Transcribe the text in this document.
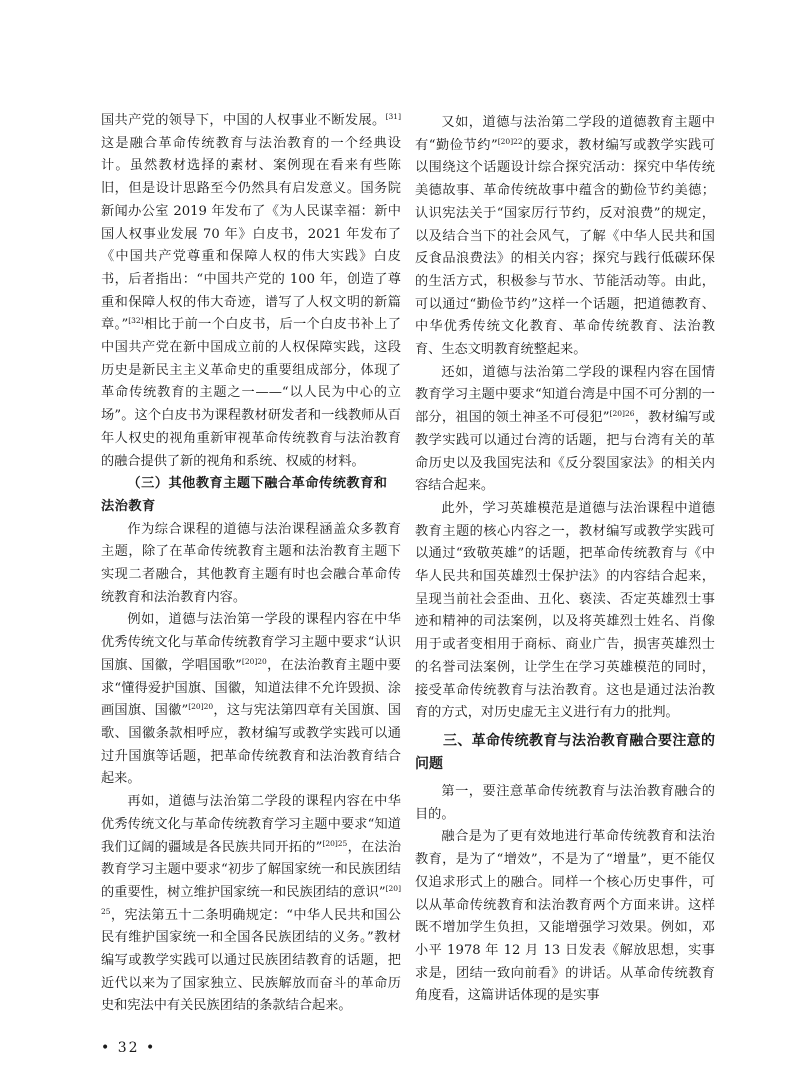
国共产党的领导下，中国的人权事业不断发展。[31]这是融合革命传统教育与法治教育的一个经典设计。虽然教材选择的素材、案例现在看来有些陈旧，但是设计思路至今仍然具有启发意义。国务院新闻办公室 2019 年发布了《为人民谋幸福：新中国人权事业发展 70 年》白皮书，2021 年发布了《中国共产党尊重和保障人权的伟大实践》白皮书，后者指出：“中国共产党的 100 年，创造了尊重和保障人权的伟大奇迹，谱写了人权文明的新篇章。”[32]相比于前一个白皮书，后一个白皮书补上了中国共产党在新中国成立前的人权保障实践，这段历史是新民主主义革命史的重要组成部分，体现了革命传统教育的主题之一——“以人民为中心的立场”。这个白皮书为课程教材研发者和一线教师从百年人权史的视角重新审视革命传统教育与法治教育的融合提供了新的视角和系统、权威的材料。

（三）其他教育主题下融合革命传统教育和法治教育

作为综合课程的道德与法治课程涵盖众多教育主题，除了在革命传统教育主题和法治教育主题下实现二者融合，其他教育主题有时也会融合革命传统教育和法治教育内容。

例如，道德与法治第一学段的课程内容在中华优秀传统文化与革命传统教育学习主题中要求“认识国旗、国徽，学唱国歌”$^{[20]20}$，在法治教育主题中要求“懂得爱护国旗、国徽，知道法律不允许毁损、涂画国旗、国徽”$^{[20]20}$，这与宪法第四章有关国旗、国歌、国徽条款相呼应，教材编写或教学实践可以通过升国旗等话题，把革命传统教育和法治教育结合起来。

再如，道德与法治第二学段的课程内容在中华优秀传统文化与革命传统教育学习主题中要求“知道我们辽阔的疆域是各民族共同开拓的”$^{[20]25}$，在法治教育学习主题中要求“初步了解国家统一和民族团结的重要性，树立维护国家统一和民族团结的意识”$^{[20]25}$，宪法第五十二条明确规定：“中华人民共和国公民有维护国家统一和全国各民族团结的义务。”教材编写或教学实践可以通过民族团结教育的话题，把近代以来为了国家独立、民族解放而奋斗的革命历史和宪法中有关民族团结的条款结合起来。

又如，道德与法治第二学段的道德教育主题中有“勤俭节约”$^{[20]22}$的要求，教材编写或教学实践可以围绕这个话题设计综合探究活动：探究中华传统美德故事、革命传统故事中蕴含的勤俭节约美德；认识宪法关于“国家厉行节约，反对浪费”的规定，以及结合当下的社会风气，了解《中华人民共和国反食品浪费法》的相关内容；探究与践行低碳环保的生活方式，积极参与节水、节能活动等。由此，可以通过“勤俭节约”这样一个话题，把道德教育、中华优秀传统文化教育、革命传统教育、法治教育、生态文明教育统整起来。

还如，道德与法治第二学段的课程内容在国情教育学习主题中要求“知道台湾是中国不可分割的一部分，祖国的领土神圣不可侵犯”$^{[20]26}$，教材编写或教学实践可以通过台湾的话题，把与台湾有关的革命历史以及我国宪法和《反分裂国家法》的相关内容结合起来。

此外，学习英雄模范是道德与法治课程中道德教育主题的核心内容之一，教材编写或教学实践可以通过“致敬英雄”的话题，把革命传统教育与《中华人民共和国英雄烈士保护法》的内容结合起来，呈现当前社会歪曲、丑化、亵渎、否定英雄烈士事迹和精神的司法案例，以及将英雄烈士姓名、肖像用于或者变相用于商标、商业广告，损害英雄烈士的名誉司法案例，让学生在学习英雄模范的同时，接受革命传统教育与法治教育。这也是通过法治教育的方式，对历史虚无主义进行有力的批判。

三、革命传统教育与法治教育融合要注意的问题

第一，要注意革命传统教育与法治教育融合的目的。

融合是为了更有效地进行革命传统教育和法治教育，是为了“增效”，不是为了“增量”，更不能仅仅追求形式上的融合。同样一个核心历史事件，可以从革命传统教育和法治教育两个方面来讲。这样既不增加学生负担，又能增强学习效果。例如，邓小平 1978 年 12 月 13 日发表《解放思想，实事求是，团结一致向前看》的讲话。从革命传统教育角度看，这篇讲话体现的是实事

• 32 •
